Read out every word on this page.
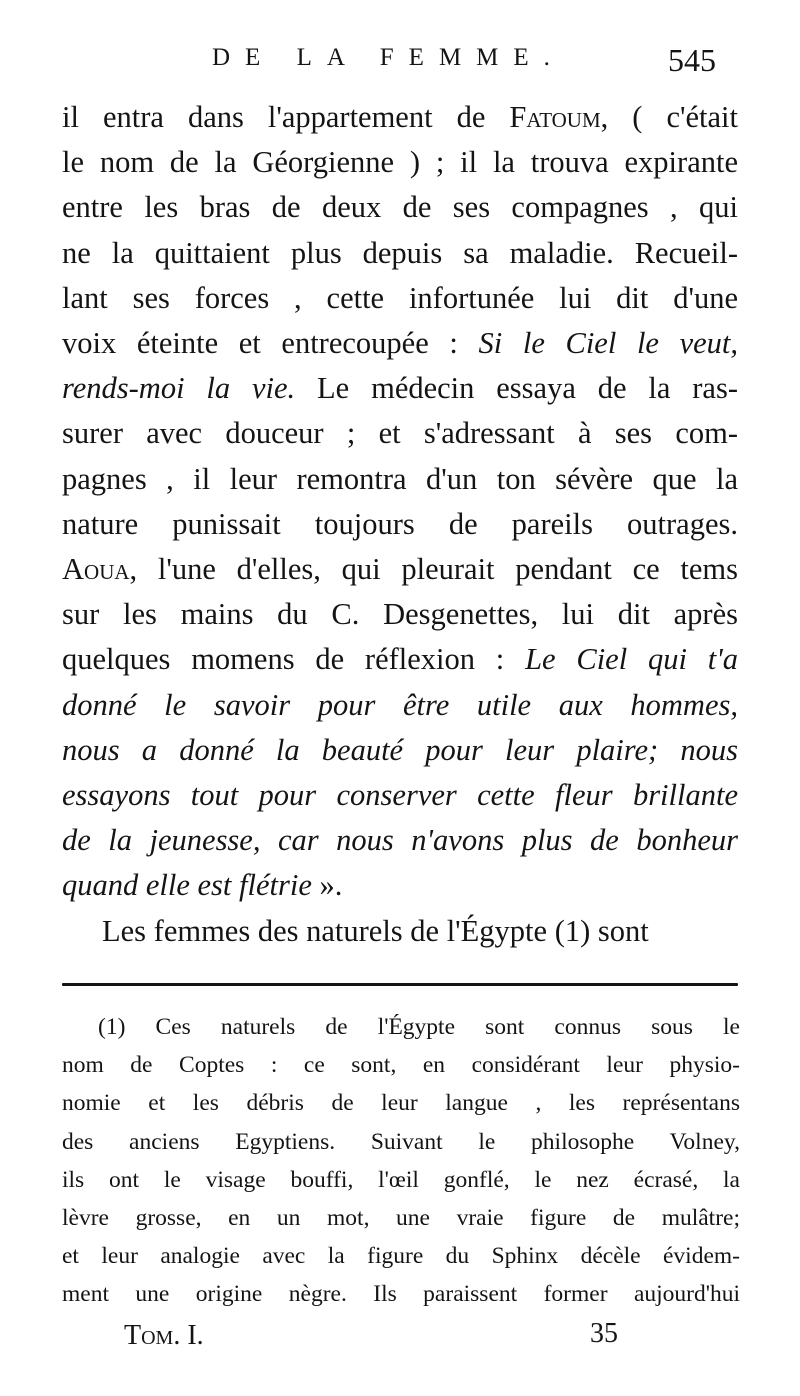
DE LA FEMME.	545
il entra dans l'appartement de Fatoum, ( c'était
le nom de la Géorgienne ) ; il la trouva expirante
entre les bras de deux de ses compagnes , qui
ne la quittaient plus depuis sa maladie. Recueil-
lant ses forces , cette infortunée lui dit d'une
voix éteinte et entrecoupée : Si le Ciel le veut,
rends-moi la vie. Le médecin essaya de la ras-
surer avec douceur ; et s'adressant à ses com-
pagnes , il leur remontra d'un ton sévère que la
nature punissait toujours de pareils outrages.
Aoua, l'une d'elles, qui pleurait pendant ce tems
sur les mains du C. Desgenettes, lui dit après
quelques momens de réflexion : Le Ciel qui t'a
donné le savoir pour être utile aux hommes,
nous a donné la beauté pour leur plaire; nous
essayons tout pour conserver cette fleur brillante
de la jeunesse, car nous n'avons plus de bonheur
quand elle est flétrie ».
Les femmes des naturels de l'Égypte (1) sont
(1) Ces naturels de l'Égypte sont connus sous le
nom de Coptes : ce sont, en considérant leur physio-
nomie et les débris de leur langue , les représentans
des anciens Egyptiens. Suivant le philosophe Volney,
ils ont le visage bouffi, l'œil gonflé, le nez écrasé, la
lèvre grosse, en un mot, une vraie figure de mulâtre;
et leur analogie avec la figure du Sphinx décèle évidem-
ment une origine nègre. Ils paraissent former aujourd'hui
Tom. I.	35
